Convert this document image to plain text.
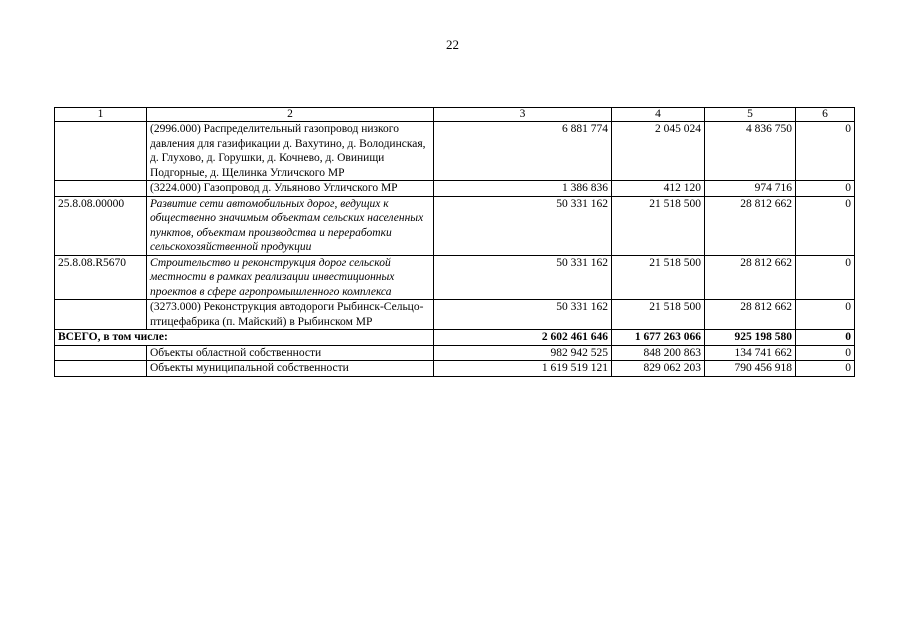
22
1	2	3	4	5	6
	(2996.000) Распределительный газопровод низкого давления для газификации д. Вахутино, д. Володинская, д. Глухово, д. Горушки, д. Кочнево, д. Овинищи Подгорные, д. Щелинка Угличского МР	6 881 774	2 045 024	4 836 750	0
	(3224.000) Газопровод д. Ульяново Угличского МР	1 386 836	412 120	974 716	0
25.8.08.00000	Развитие сети автомобильных дорог, ведущих к общественно значимым объектам сельских населенных пунктов, объектам производства и переработки сельскохозяйственной продукции	50 331 162	21 518 500	28 812 662	0
25.8.08.R5670	Строительство и реконструкция дорог сельской местности в рамках реализации инвестиционных проектов в сфере агропромышленного комплекса	50 331 162	21 518 500	28 812 662	0
	(3273.000) Реконструкция автодороги Рыбинск-Сельцо-птицефабрика (п. Майский) в Рыбинском МР	50 331 162	21 518 500	28 812 662	0
ВСЕГО, в том числе:		2 602 461 646	1 677 263 066	925 198 580	0
	Объекты областной собственности	982 942 525	848 200 863	134 741 662	0
	Объекты муниципальной собственности	1 619 519 121	829 062 203	790 456 918	0
